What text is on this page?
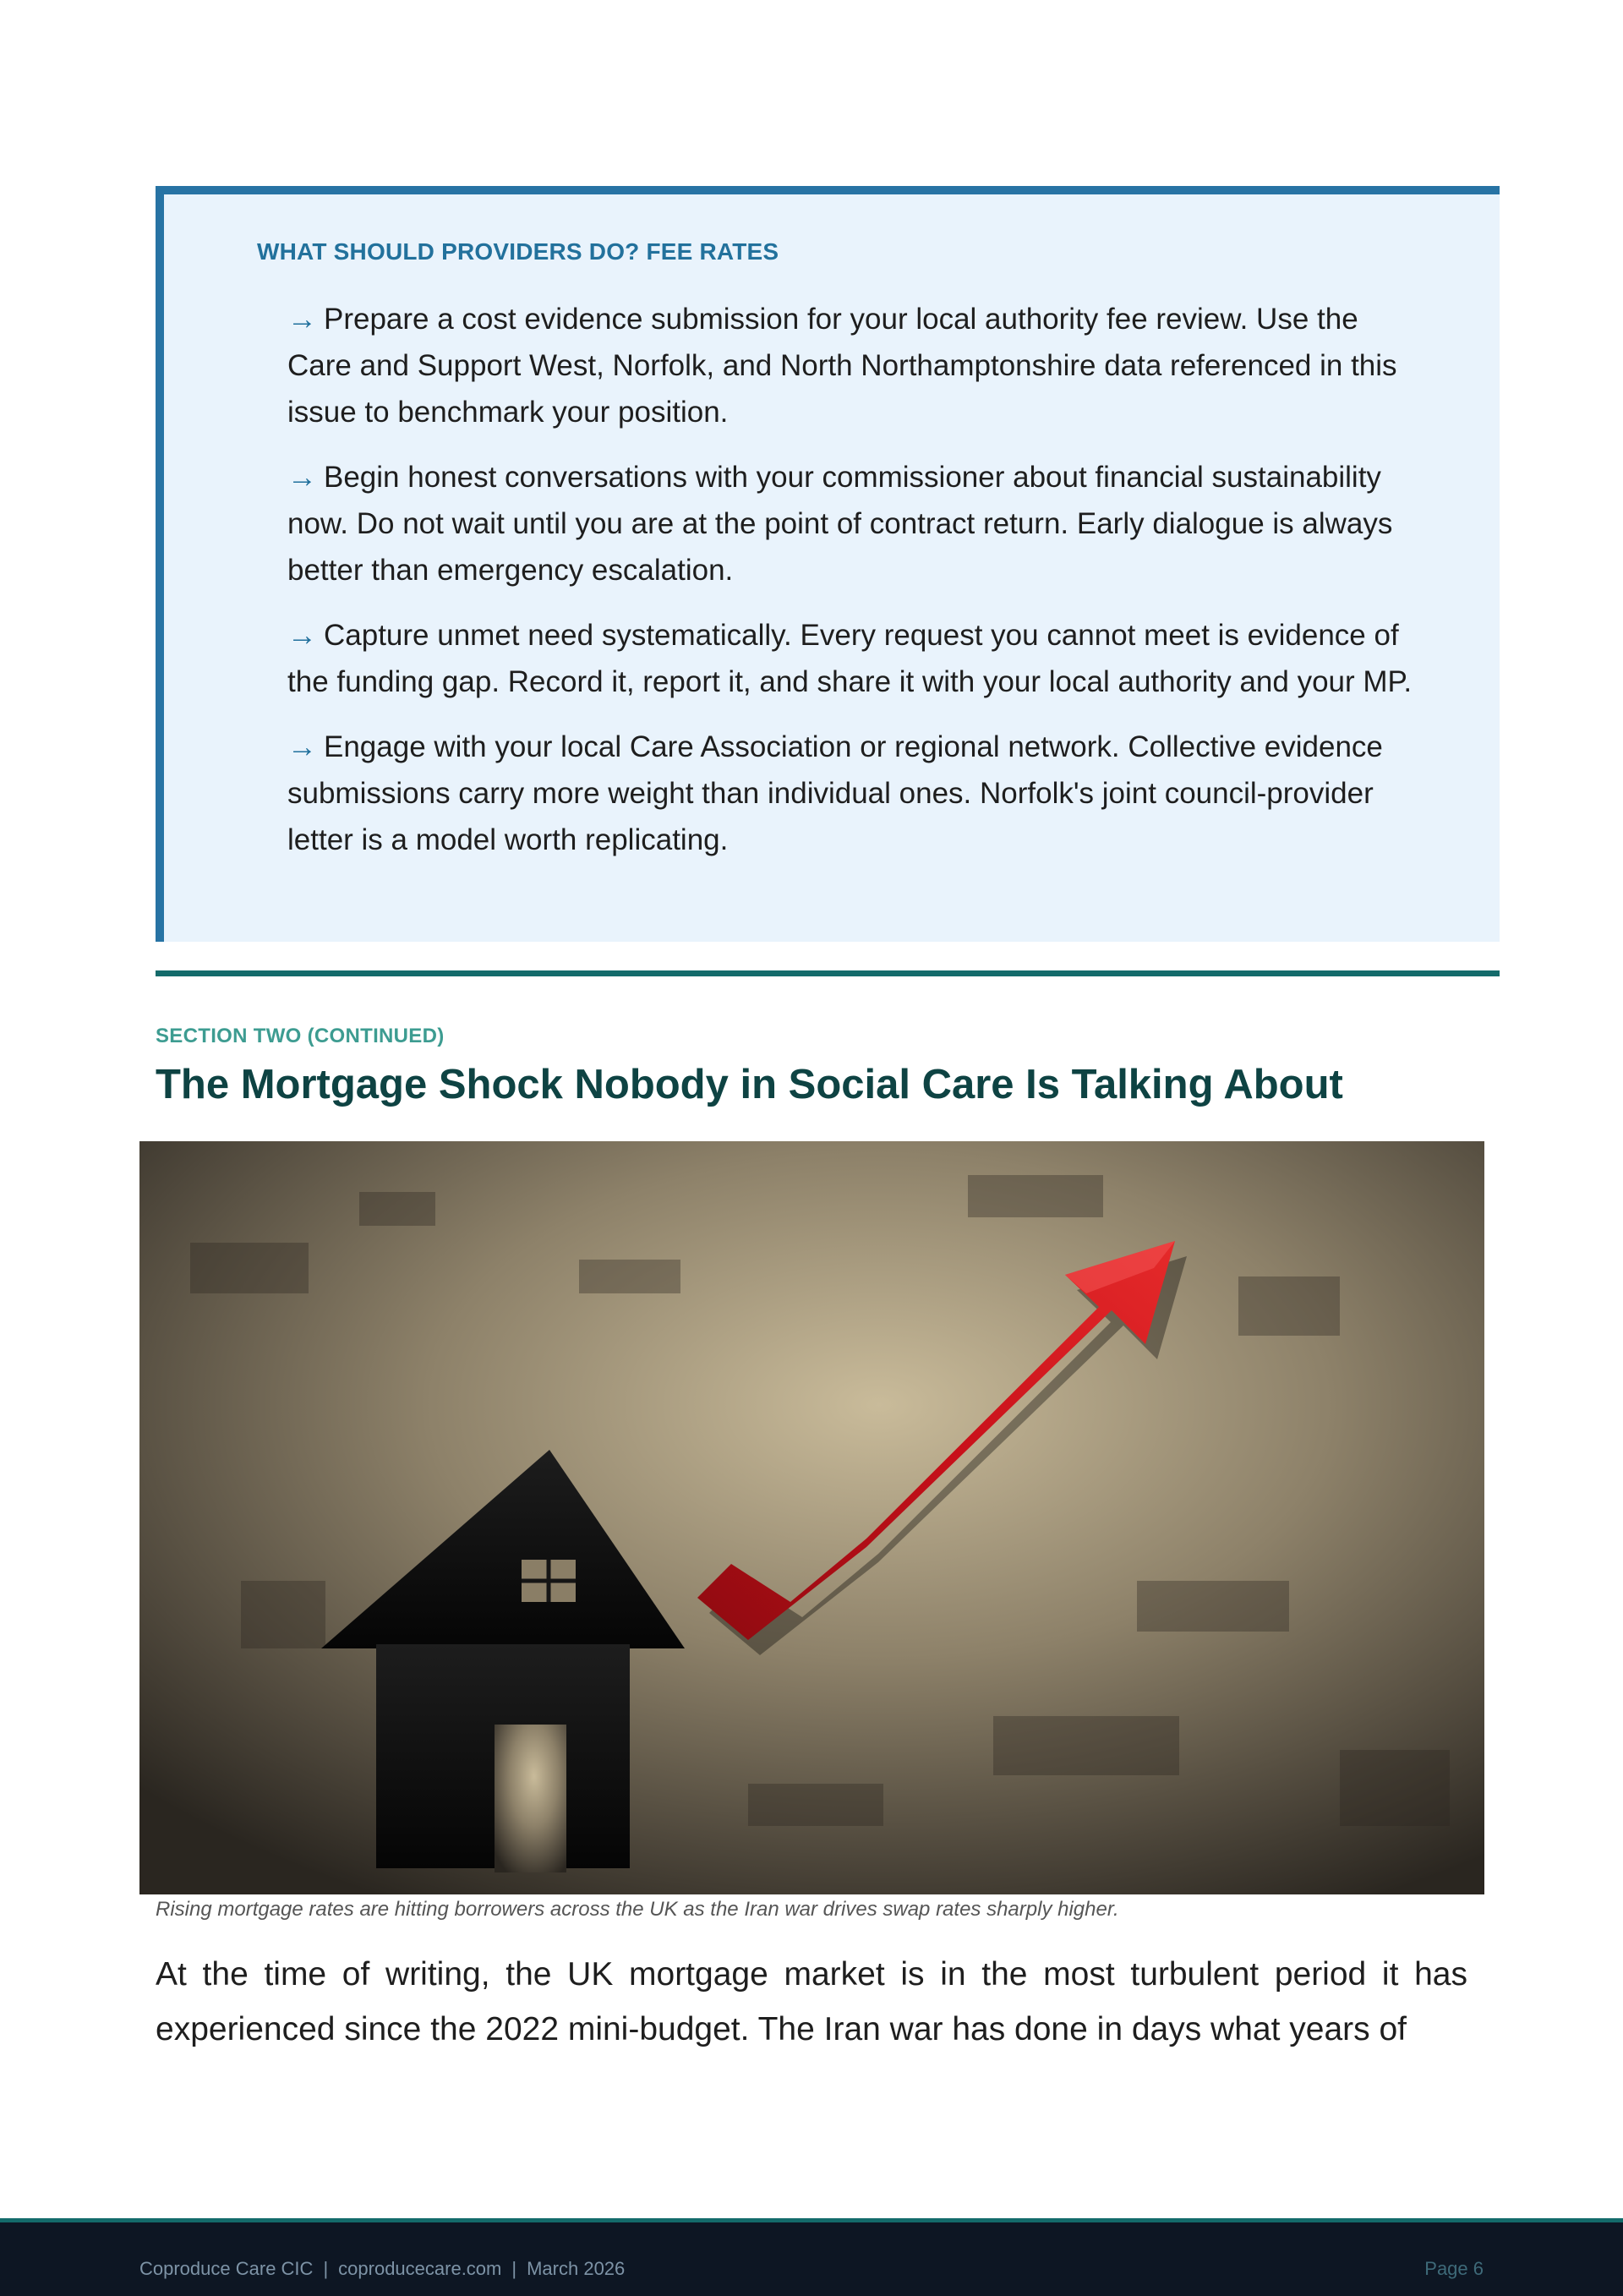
WHAT SHOULD PROVIDERS DO? FEE RATES
→ Prepare a cost evidence submission for your local authority fee review. Use the Care and Support West, Norfolk, and North Northamptonshire data referenced in this issue to benchmark your position.
→ Begin honest conversations with your commissioner about financial sustainability now. Do not wait until you are at the point of contract return. Early dialogue is always better than emergency escalation.
→ Capture unmet need systematically. Every request you cannot meet is evidence of the funding gap. Record it, report it, and share it with your local authority and your MP.
→ Engage with your local Care Association or regional network. Collective evidence submissions carry more weight than individual ones. Norfolk's joint council-provider letter is a model worth replicating.
SECTION TWO (CONTINUED)
The Mortgage Shock Nobody in Social Care Is Talking About
Rising mortgage rates are hitting borrowers across the UK as the Iran war drives swap rates sharply higher.

At the time of writing, the UK mortgage market is in the most turbulent period it has experienced since the 2022 mini-budget. The Iran war has done in days what years of

Coproduce Care CIC | coproducecare.com | March 2026	Page 6
